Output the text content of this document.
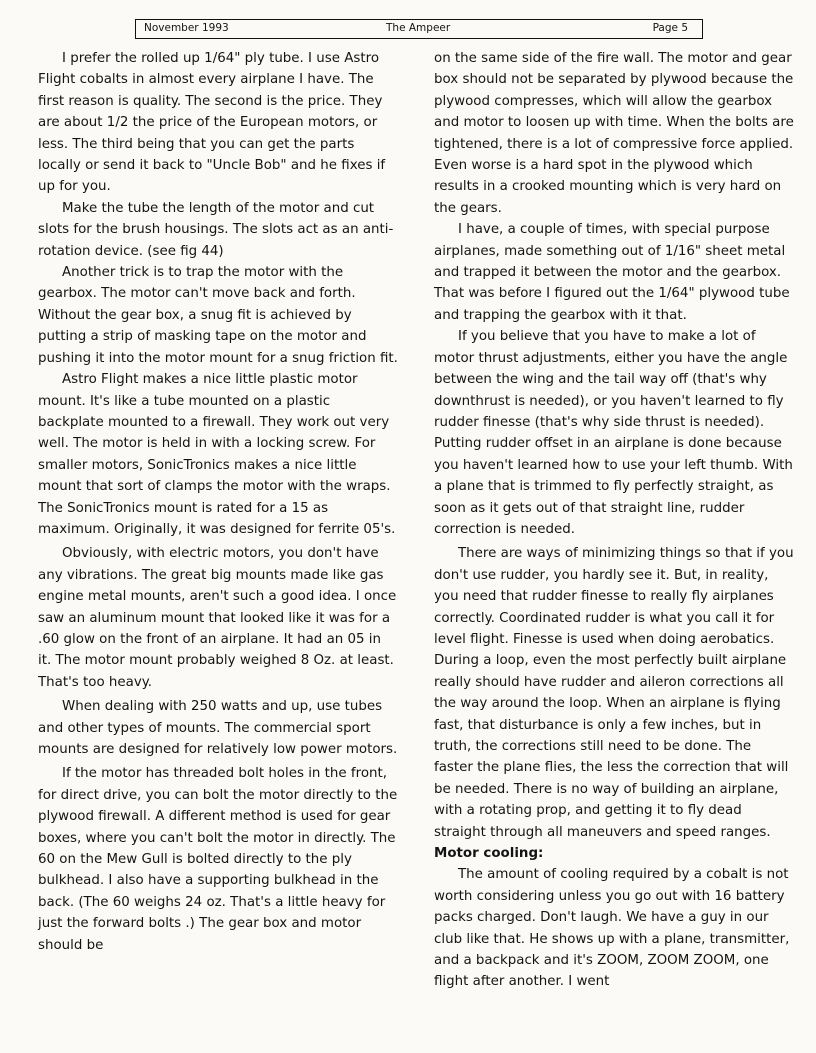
November 1993	The Ampeer	Page 5

I prefer the rolled up 1/64" ply tube. I use Astro Flight cobalts in almost every airplane I have. The first reason is quality. The second is the price. They are about 1/2 the price of the European motors, or less. The third being that you can get the parts locally or send it back to "Uncle Bob" and he fixes if up for you.

Make the tube the length of the motor and cut slots for the brush housings. The slots act as an anti-rotation device. (see fig 44)

Another trick is to trap the motor with the gearbox. The motor can't move back and forth. Without the gear box, a snug fit is achieved by putting a strip of masking tape on the motor and pushing it into the motor mount for a snug friction fit.

Astro Flight makes a nice little plastic motor mount. It's like a tube mounted on a plastic backplate mounted to a firewall. They work out very well. The motor is held in with a locking screw. For smaller motors, SonicTronics makes a nice little mount that sort of clamps the motor with the wraps. The SonicTronics mount is rated for a 15 as maximum. Originally, it was designed for ferrite 05's.

Obviously, with electric motors, you don't have any vibrations. The great big mounts made like gas engine metal mounts, aren't such a good idea. I once saw an aluminum mount that looked like it was for a .60 glow on the front of an airplane. It had an 05 in it. The motor mount probably weighed 8 Oz. at least. That's too heavy.

When dealing with 250 watts and up, use tubes and other types of mounts. The commercial sport mounts are designed for relatively low power motors.

If the motor has threaded bolt holes in the front, for direct drive, you can bolt the motor directly to the plywood firewall. A different method is used for gear boxes, where you can't bolt the motor in directly. The 60 on the Mew Gull is bolted directly to the ply bulkhead. I also have a supporting bulkhead in the back. (The 60 weighs 24 oz. That's a little heavy for just the forward bolts .) The gear box and motor should be

on the same side of the fire wall. The motor and gear box should not be separated by plywood because the plywood compresses, which will allow the gearbox and motor to loosen up with time. When the bolts are tightened, there is a lot of compressive force applied. Even worse is a hard spot in the plywood which results in a crooked mounting which is very hard on the gears.

I have, a couple of times, with special purpose airplanes, made something out of 1/16" sheet metal and trapped it between the motor and the gearbox. That was before I figured out the 1/64" plywood tube and trapping the gearbox with it that.

If you believe that you have to make a lot of motor thrust adjustments, either you have the angle between the wing and the tail way off (that's why downthrust is needed), or you haven't learned to fly rudder finesse (that's why side thrust is needed). Putting rudder offset in an airplane is done because you haven't learned how to use your left thumb. With a plane that is trimmed to fly perfectly straight, as soon as it gets out of that straight line, rudder correction is needed.

There are ways of minimizing things so that if you don't use rudder, you hardly see it. But, in reality, you need that rudder finesse to really fly airplanes correctly. Coordinated rudder is what you call it for level flight. Finesse is used when doing aerobatics. During a loop, even the most perfectly built airplane really should have rudder and aileron corrections all the way around the loop. When an airplane is flying fast, that disturbance is only a few inches, but in truth, the corrections still need to be done. The faster the plane flies, the less the correction that will be needed. There is no way of building an airplane, with a rotating prop, and getting it to fly dead straight through all maneuvers and speed ranges.

Motor cooling:

The amount of cooling required by a cobalt is not worth considering unless you go out with 16 battery packs charged. Don't laugh. We have a guy in our club like that. He shows up with a plane, transmitter, and a backpack and it's ZOOM, ZOOM ZOOM, one flight after another. I went
